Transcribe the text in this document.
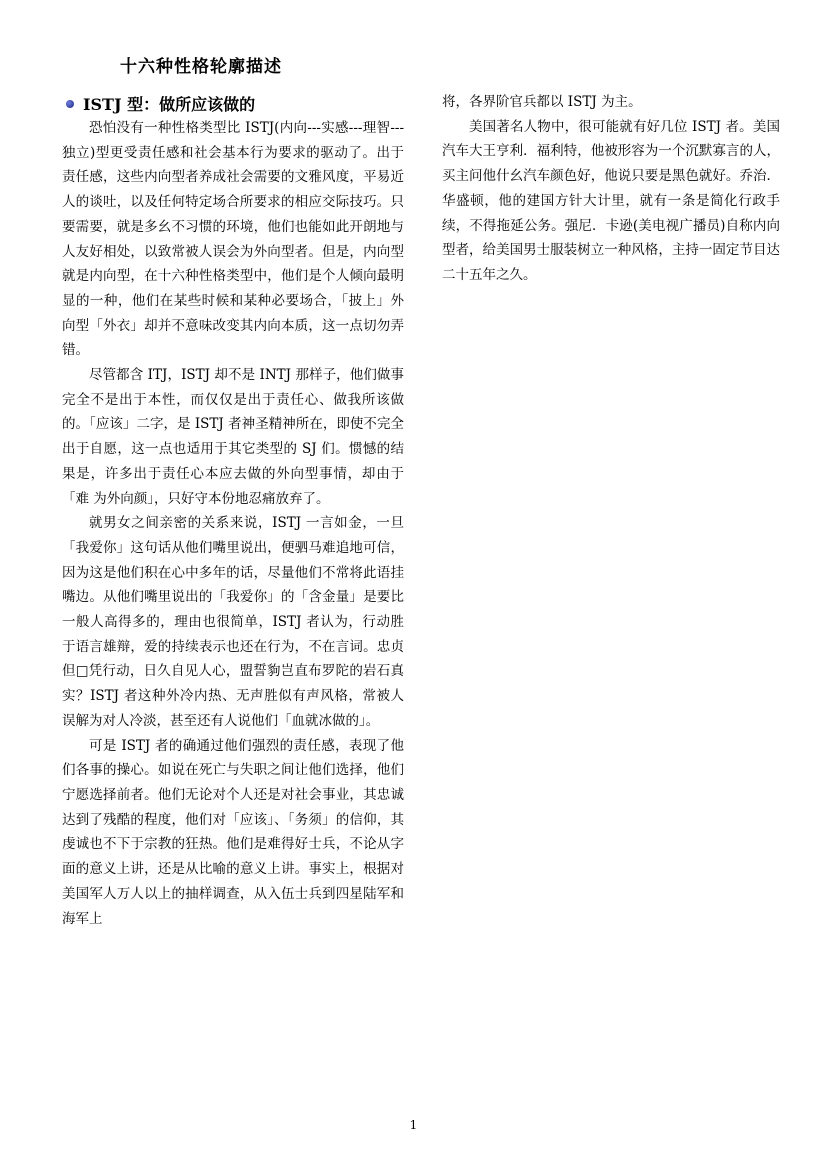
十六种性格轮廓描述
ISTJ 型：做所应该做的

恐怕没有一种性格类型比 ISTJ(内向---实感---理智---独立)型更受责任感和社会基本行为要求的驱动了。出于责任感，这些内向型者养成社会需要的文雅风度，平易近人的谈吐，以及任何特定场合所要求的相应交际技巧。只要需要，就是多幺不习惯的环境，他们也能如此开朗地与人友好相处，以致常被人误会为外向型者。但是，内向型就是内向型，在十六种性格类型中，他们是个人倾向最明显的一种，他们在某些时候和某种必要场合，「披上」外向型「外衣」却并不意味改变其内向本质，这一点切勿弄错。

尽管都含 ITJ，ISTJ 却不是 INTJ 那样子，他们做事完全不是出于本性，而仅仅是出于责任心、做我所该做的。「应该」二字，是 ISTJ 者神圣精神所在，即使不完全出于自愿，这一点也适用于其它类型的 SJ 们。惯憾的结果是，许多出于责任心本应去做的外向型事情，却由于「难 为外向颜」，只好守本份地忍痛放弃了。

就男女之间亲密的关系来说，ISTJ 一言如金，一旦「我爱你」这句话从他们嘴里说出，便驷马难追地可信，因为这是他们积在心中多年的话，尽量他们不常将此语挂嘴边。从他们嘴里说出的「我爱你」的「含金量」是要比一般人高得多的，理由也很简单，ISTJ 者认为，行动胜于语言雄辩，爱的持续表示也还在行为，不在言词。忠贞但□凭行动，日久自见人心，盟誓豿岂直布罗陀的岩石真实？ISTJ 者这种外冷内热、无声胜似有声风格，常被人误解为对人冷淡，甚至还有人说他们「血就冰做的」。

可是 ISTJ 者的确通过他们强烈的责任感，表现了他们各事的操心。如说在死亡与失职之间让他们选择，他们宁愿选择前者。他们无论对个人还是对社会事业，其忠诚达到了残酷的程度，他们对「应该」、「务须」的信仰，其虔诚也不下于宗教的狂热。他们是难得好士兵，不论从字面的意义上讲，还是从比喻的意义上讲。事实上，根据对美国军人万人以上的抽样调查，从入伍士兵到四星陆军和海军上

将，各界阶官兵都以 ISTJ 为主。

美国著名人物中，很可能就有好几位 ISTJ 者。美国汽车大王亨利．福利特，他被形容为一个沉默寡言的人，买主问他什幺汽车颜色好，他说只要是黑色就好。乔治．华盛顿，他的建国方针大计里，就有一条是简化行政手续，不得拖延公务。强尼．卡逊(美电视广播员)自称内向型者，给美国男士服装树立一种风格，主持一固定节目达二十五年之久。

1
